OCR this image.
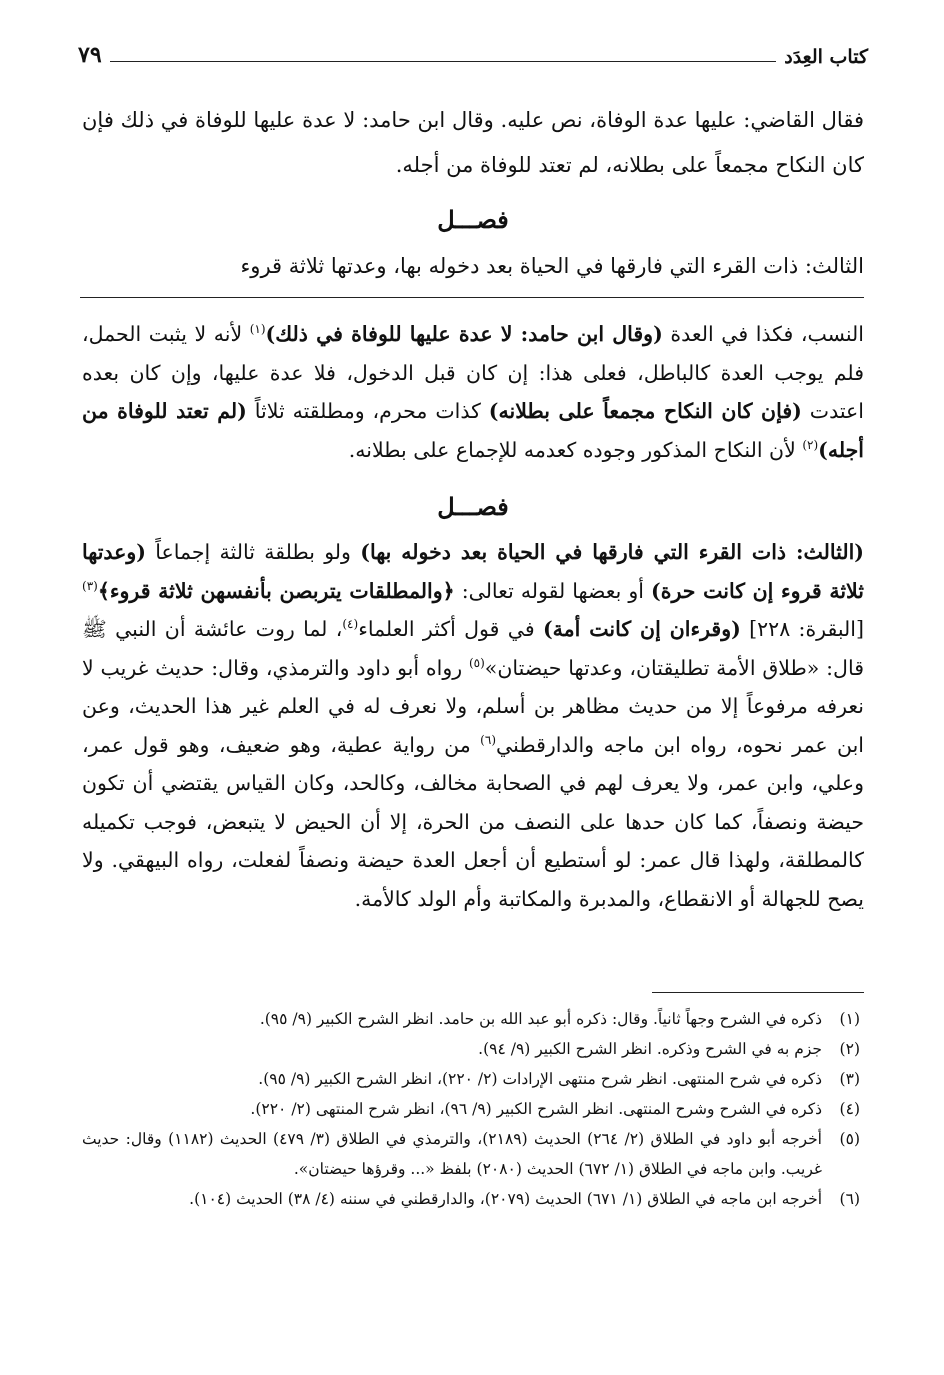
كتاب العِدَد
٧٩
فقال القاضي: عليها عدة الوفاة، نص عليه. وقال ابن حامد: لا عدة عليها للوفاة في ذلك فإن كان النكاح مجمعاً على بطلانه، لم تعتد للوفاة من أجله.
فصـــل
الثالث: ذات القرء التي فارقها في الحياة بعد دخوله بها، وعدتها ثلاثة قروء

النسب، فكذا في العدة (وقال ابن حامد: لا عدة عليها للوفاة في ذلك)$^{(١)}$ لأنه لا يثبت الحمل، فلم يوجب العدة كالباطل، فعلى هذا: إن كان قبل الدخول، فلا عدة عليها، وإن كان بعده اعتدت (فإن كان النكاح مجمعاً على بطلانه) كذات محرم، ومطلقته ثلاثاً (لم تعتد للوفاة من أجله)$^{(٢)}$ لأن النكاح المذكور وجوده كعدمه للإجماع على بطلانه.

فصـــل

(الثالث: ذات القرء التي فارقها في الحياة بعد دخوله بها) ولو بطلقة ثالثة إجماعاً (وعدتها ثلاثة قروء إن كانت حرة) أو بعضها لقوله تعالى: ﴿والمطلقات يتربصن بأنفسهن ثلاثة قروء﴾$^{(٣)}$ [البقرة: ٢٢٨] (وقرءان إن كانت أمة) في قول أكثر العلماء$^{(٤)}$، لما روت عائشة أن النبي ﷺ قال: «طلاق الأمة تطليقتان، وعدتها حيضتان»$^{(٥)}$ رواه أبو داود والترمذي، وقال: حديث غريب لا نعرفه مرفوعاً إلا من حديث مظاهر بن أسلم، ولا نعرف له في العلم غير هذا الحديث، وعن ابن عمر نحوه، رواه ابن ماجه والدارقطني$^{(٦)}$ من رواية عطية، وهو ضعيف، وهو قول عمر، وعلي، وابن عمر، ولا يعرف لهم في الصحابة مخالف، وكالحد، وكان القياس يقتضي أن تكون حيضة ونصفاً، كما كان حدها على النصف من الحرة، إلا أن الحيض لا يتبعض، فوجب تكميله كالمطلقة، ولهذا قال عمر: لو أستطيع أن أجعل العدة حيضة ونصفاً لفعلت، رواه البيهقي. ولا يصح للجهالة أو الانقطاع، والمدبرة والمكاتبة وأم الولد كالأمة.

(١)
ذكره في الشرح وجهاً ثانياً. وقال: ذكره أبو عبد الله بن حامد. انظر الشرح الكبير (٩/ ٩٥).
(٢)
جزم به في الشرح وذكره. انظر الشرح الكبير (٩/ ٩٤).
(٣)
ذكره في شرح المنتهى. انظر شرح منتهى الإرادات (٢/ ٢٢٠)، انظر الشرح الكبير (٩/ ٩٥).
(٤)
ذكره في الشرح وشرح المنتهى. انظر الشرح الكبير (٩/ ٩٦)، انظر شرح المنتهى (٢/ ٢٢٠).
(٥)
أخرجه أبو داود في الطلاق (٢/ ٢٦٤) الحديث (٢١٨٩)، والترمذي في الطلاق (٣/ ٤٧٩) الحديث (١١٨٢) وقال: حديث غريب. وابن ماجه في الطلاق (١/ ٦٧٢) الحديث (٢٠٨٠) بلفظ «... وقرؤها حيضتان».
(٦)
أخرجه ابن ماجه في الطلاق (١/ ٦٧١) الحديث (٢٠٧٩)، والدارقطني في سننه (٤/ ٣٨) الحديث (١٠٤).
